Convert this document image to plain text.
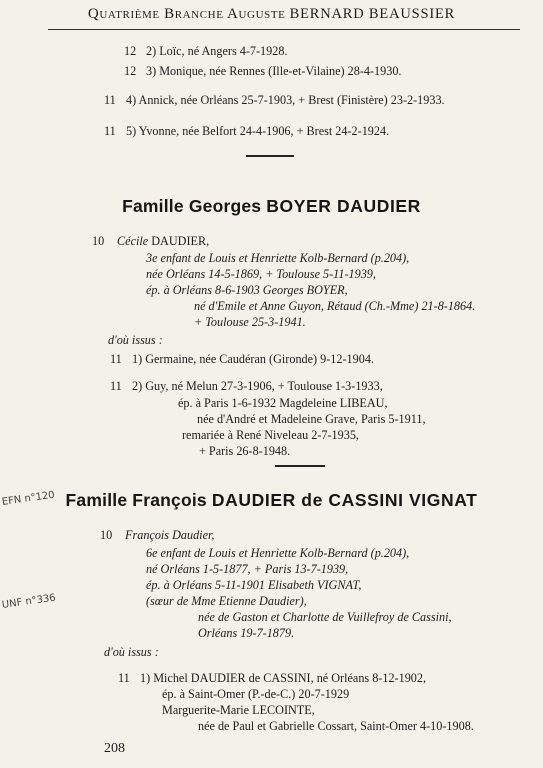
Quatrième Branche Auguste BERNARD BEAUSSIER
12 2) Loïc, né Angers 4-7-1928.
12 3) Monique, née Rennes (Ille-et-Vilaine) 28-4-1930.
11 4) Annick, née Orléans 25-7-1903, + Brest (Finistère) 23-2-1933.
11 5) Yvonne, née Belfort 24-4-1906, + Brest 24-2-1924.
Famille Georges BOYER DAUDIER
10 Cécile DAUDIER,
3e enfant de Louis et Henriette Kolb-Bernard (p.204),
née Orléans 14-5-1869, + Toulouse 5-11-1939,
ép. à Orléans 8-6-1903 Georges BOYER,
né d'Emile et Anne Guyon, Rétaud (Ch.-Mme) 21-8-1864.
+ Toulouse 25-3-1941.
d'où issus :
11 1) Germaine, née Caudéran (Gironde) 9-12-1904.
11 2) Guy, né Melun 27-3-1906, + Toulouse 1-3-1933,
ép. à Paris 1-6-1932 Magdeleine LIBEAU,
née d'André et Madeleine Grave, Paris 5-1911,
remariée à René Niveleau 2-7-1935,
+ Paris 26-8-1948.
EFN n°120
UNF n°336
Famille François DAUDIER de CASSINI VIGNAT
10 François Daudier,
6e enfant de Louis et Henriette Kolb-Bernard (p.204),
né Orléans 1-5-1877, + Paris 13-7-1939,
ép. à Orléans 5-11-1901 Elisabeth VIGNAT,
(sœur de Mme Etienne Daudier),
née de Gaston et Charlotte de Vuillefroy de Cassini,
Orléans 19-7-1879.
d'où issus :
11 1) Michel DAUDIER de CASSINI, né Orléans 8-12-1902,
ép. à Saint-Omer (P.-de-C.) 20-7-1929
Marguerite-Marie LECOINTE,
née de Paul et Gabrielle Cossart, Saint-Omer 4-10-1908.
208
